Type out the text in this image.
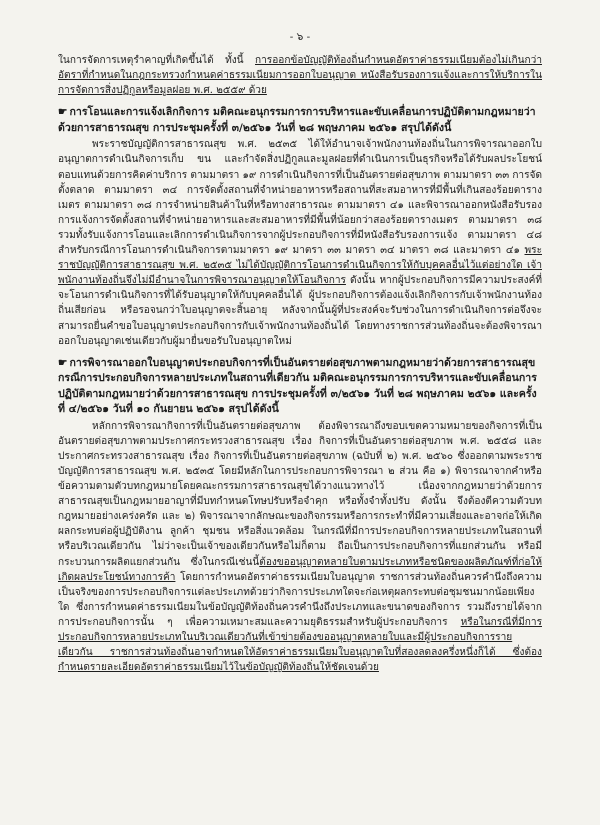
- ๖ -

ในการจัดการเหตุรำคาญที่เกิดขึ้นได้ ทั้งนี้ การออกข้อบัญญัติท้องถิ่นกำหนดอัตราค่าธรรมเนียมต้องไม่เกินกว่าอัตราที่กำหนดในกฎกระทรวงกำหนดค่าธรรมเนียมการออกใบอนุญาต หนังสือรับรองการแจ้งและการให้บริการในการจัดการสิ่งปฏิกูลหรือมูลฝอย พ.ศ. ๒๕๕๙ ด้วย

☛ การโอนและการแจ้งเลิกกิจการ มติคณะอนุกรรมการการบริหารและขับเคลื่อนการปฏิบัติตามกฎหมายว่าด้วยการสาธารณสุข การประชุมครั้งที่ ๓/๒๕๖๑ วันที่ ๒๘ พฤษภาคม ๒๕๖๑ สรุปได้ดังนี้

พระราชบัญญัติการสาธารณสุข พ.ศ. ๒๕๓๕ ได้ให้อำนาจเจ้าพนักงานท้องถิ่นในการพิจารณาออกใบอนุญาตการดำเนินกิจการเก็บ ขน และกำจัดสิ่งปฏิกูลและมูลฝอยที่ดำเนินการเป็นธุรกิจหรือได้รับผลประโยชน์ตอบแทนด้วยการคิดค่าบริการ ตามมาตรา ๑๙ การดำเนินกิจการที่เป็นอันตรายต่อสุขภาพ ตามมาตรา ๓๓ การจัดตั้งตลาด ตามมาตรา ๓๔ การจัดตั้งสถานที่จำหน่ายอาหารหรือสถานที่สะสมอาหารที่มีพื้นที่เกินสองร้อยตารางเมตร ตามมาตรา ๓๘ การจำหน่ายสินค้าในที่หรือทางสาธารณะ ตามมาตรา ๔๑ และพิจารณาออกหนังสือรับรองการแจ้งการจัดตั้งสถานที่จำหน่ายอาหารและสะสมอาหารที่มีพื้นที่น้อยกว่าสองร้อยตารางเมตร ตามมาตรา ๓๘ รวมทั้งรับแจ้งการโอนและเลิกการดำเนินกิจการจากผู้ประกอบกิจการที่มีหนังสือรับรองการแจ้ง ตามมาตรา ๔๘ สำหรับกรณีการโอนการดำเนินกิจการตามมาตรา ๑๙ มาตรา ๓๓ มาตรา ๓๔ มาตรา ๓๘ และมาตรา ๔๑ พระราชบัญญัติการสาธารณสุข พ.ศ. ๒๕๓๕ ไม่ได้บัญญัติการโอนการดำเนินกิจการให้กับบุคคลอื่นไว้แต่อย่างใด เจ้าพนักงานท้องถิ่นจึงไม่มีอำนาจในการพิจารณาอนุญาตให้โอนกิจการ ดังนั้น หากผู้ประกอบกิจการมีความประสงค์ที่จะโอนการดำเนินกิจการที่ได้รับอนุญาตให้กับบุคคลอื่นได้ ผู้ประกอบกิจการต้องแจ้งเลิกกิจการกับเจ้าพนักงานท้องถิ่นเสียก่อน หรือรอจนกว่าใบอนุญาตจะสิ้นอายุ หลังจากนั้นผู้ที่ประสงค์จะรับช่วงในการดำเนินกิจการต่อจึงจะสามารถยื่นคำขอใบอนุญาตประกอบกิจการกับเจ้าพนักงานท้องถิ่นได้ โดยทางราชการส่วนท้องถิ่นจะต้องพิจารณาออกใบอนุญาตเช่นเดียวกับผู้มายื่นขอรับใบอนุญาตใหม่

☛ การพิจารณาออกใบอนุญาตประกอบกิจการที่เป็นอันตรายต่อสุขภาพตามกฎหมายว่าด้วยการสาธารณสุข กรณีการประกอบกิจการหลายประเภทในสถานที่เดียวกัน มติคณะอนุกรรมการการบริหารและขับเคลื่อนการปฏิบัติตามกฎหมายว่าด้วยการสาธารณสุข การประชุมครั้งที่ ๓/๒๕๖๑ วันที่ ๒๘ พฤษภาคม ๒๕๖๑ และครั้งที่ ๔/๒๕๖๑ วันที่ ๑๐ กันยายน ๒๕๖๑ สรุปได้ดังนี้

หลักการพิจารณากิจการที่เป็นอันตรายต่อสุขภาพ ต้องพิจารณาถึงขอบเขตความหมายของกิจการที่เป็นอันตรายต่อสุขภาพตามประกาศกระทรวงสาธารณสุข เรื่อง กิจการที่เป็นอันตรายต่อสุขภาพ พ.ศ. ๒๕๕๘ และประกาศกระทรวงสาธารณสุข เรื่อง กิจการที่เป็นอันตรายต่อสุขภาพ (ฉบับที่ ๒) พ.ศ. ๒๕๖๐ ซึ่งออกตามพระราชบัญญัติการสาธารณสุข พ.ศ. ๒๕๓๕ โดยมีหลักในการประกอบการพิจารณา ๒ ส่วน คือ ๑) พิจารณาจากคำหรือข้อความตามตัวบทกฎหมายโดยคณะกรรมการสาธารณสุขได้วางแนวทางไว้ เนื่องจากกฎหมายว่าด้วยการสาธารณสุขเป็นกฎหมายอาญาที่มีบทกำหนดโทษปรับหรือจำคุก หรือทั้งจำทั้งปรับ ดังนั้น จึงต้องตีความตัวบทกฎหมายอย่างเคร่งครัด และ ๒) พิจารณาจากลักษณะของกิจกรรมหรือการกระทำที่มีความเสี่ยงและอาจก่อให้เกิดผลกระทบต่อผู้ปฏิบัติงาน ลูกค้า ชุมชน หรือสิ่งแวดล้อม ในกรณีที่มีการประกอบกิจการหลายประเภทในสถานที่หรือบริเวณเดียวกัน ไม่ว่าจะเป็นเจ้าของเดียวกันหรือไม่ก็ตาม ถือเป็นการประกอบกิจการที่แยกส่วนกัน หรือมีกระบวนการผลิตแยกส่วนกัน ซึ่งในกรณีเช่นนี้ต้องขออนุญาตหลายใบตามประเภทหรือชนิดของผลิตภัณฑ์ที่ก่อให้เกิดผลประโยชน์ทางการค้า โดยการกำหนดอัตราค่าธรรมเนียมใบอนุญาต ราชการส่วนท้องถิ่นควรคำนึงถึงความเป็นจริงของการประกอบกิจการแต่ละประเภทด้วยว่ากิจการประเภทใดจะก่อเหตุผลกระทบต่อชุมชนมากน้อยเพียงใด ซึ่งการกำหนดค่าธรรมเนียมในข้อบัญญัติท้องถิ่นควรคำนึงถึงประเภทและขนาดของกิจการ รวมถึงรายได้จากการประกอบกิจการนั้น ๆ เพื่อความเหมาะสมและความยุติธรรมสำหรับผู้ประกอบกิจการ หรือในกรณีที่มีการประกอบกิจการหลายประเภทในบริเวณเดียวกันที่เข้าข่ายต้องขออนุญาตหลายใบและมีผู้ประกอบกิจการรายเดียวกัน ราชการส่วนท้องถิ่นอาจกำหนดให้อัตราค่าธรรมเนียมใบอนุญาตใบที่สองลดลงครึ่งหนึ่งก็ได้ ซึ่งต้องกำหนดรายละเอียดอัตราค่าธรรมเนียมไว้ในข้อบัญญัติท้องถิ่นให้ชัดเจนด้วย
